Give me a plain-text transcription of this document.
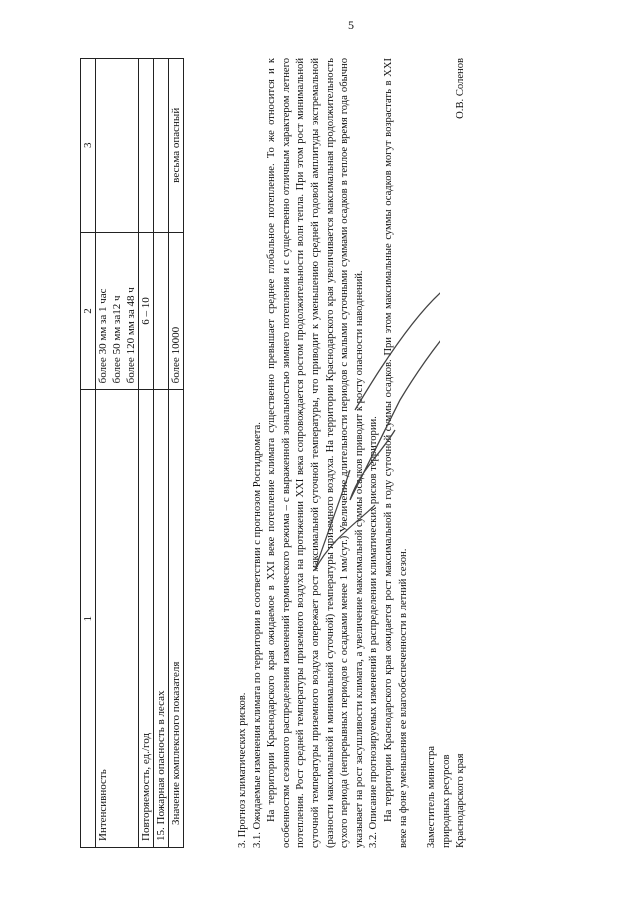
5
1	2	3
Интенсивность	более 30 мм за 1 час более 50 мм за12 ч более 120 мм за 48 ч	

Повторяемость, ед./год	6 – 10	
15. Пожарная опасность в лесах		
Значение комплексного показателя	более 10000	весьма опасный

3. Прогноз климатических рисков. 3.1. Ожидаемые изменения климата по территории в соответствии с прогнозом Росгидромета. На территории Краснодарского края ожидаемое в XXI веке потепление климата существенно превышает среднее глобальное потепление. То же относится и к особенностям сезонного распределения изменений термического режима – с выраженной зональностью зимнего потепления и с существенно отличным характером летнего потепления. Рост средней температуры приземного воздуха на протяжении XXI века сопровождается ростом продолжительности волн тепла. При этом рост минимальной суточной температуры приземного воздуха опережает рост максимальной суточной температуры, что приводит к уменьшению средней годовой амплитуды экстремальной (разности максимальной и минимальной суточной) температуры приземного воздуха. На территории Краснодарского края увеличивается максимальная продолжительность сухого периода (непрерывных периодов с осадками менее 1 мм/сут.) Увеличение длительности периодов с малыми суточными суммами осадков в теплое время года обычно указывает на рост засушливости климата, а увеличение максимальной суммы осадков приводит к росту опасности наводнений. 3.2. Описание прогнозируемых изменений в распределении климатических рисков территории. На территории Краснодарского края ожидается рост максимальной в году суточной суммы осадков. При этом максимальные суммы осадков могут возрастать в XXI веке на фоне уменьшения ее влагообеспеченности в летний сезон. Заместитель министра природных ресурсов Краснодарского края
О.В. Соленов
